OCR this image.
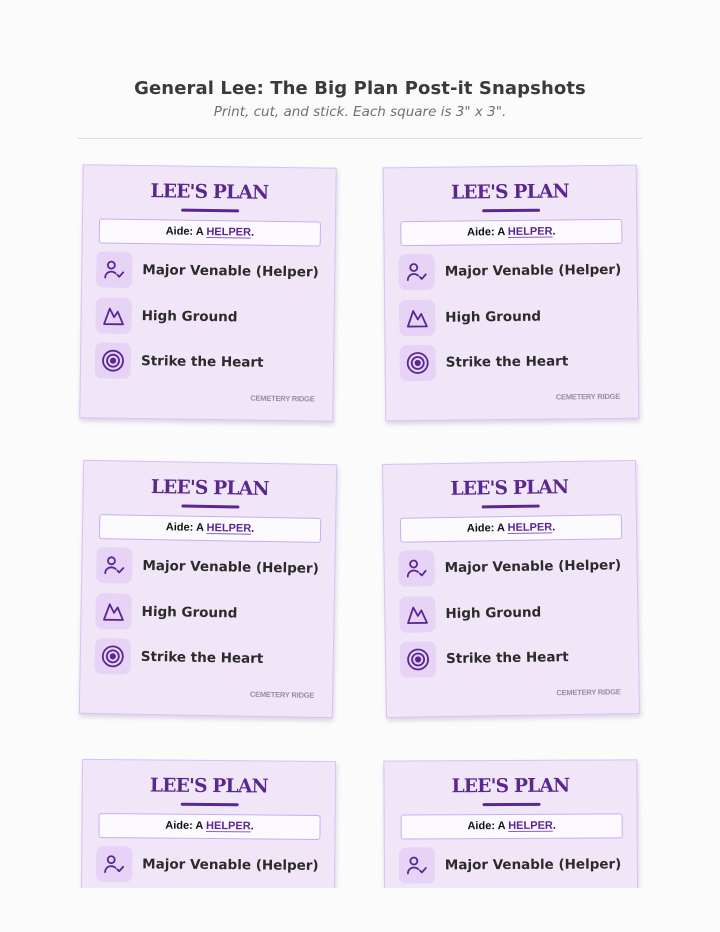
General Lee: The Big Plan Post-it Snapshots
Print, cut, and stick. Each square is 3" x 3".
LEE'S PLAN
Aide: A HELPER.
Major Venable (Helper)
High Ground
Strike the Heart
CEMETERY RIDGE
LEE'S PLAN
Aide: A HELPER.
Major Venable (Helper)
High Ground
Strike the Heart
CEMETERY RIDGE
LEE'S PLAN
Aide: A HELPER.
Major Venable (Helper)
High Ground
Strike the Heart
CEMETERY RIDGE
LEE'S PLAN
Aide: A HELPER.
Major Venable (Helper)
High Ground
Strike the Heart
CEMETERY RIDGE
LEE'S PLAN
Aide: A HELPER.
Major Venable (Helper)
LEE'S PLAN
Aide: A HELPER.
Major Venable (Helper)
